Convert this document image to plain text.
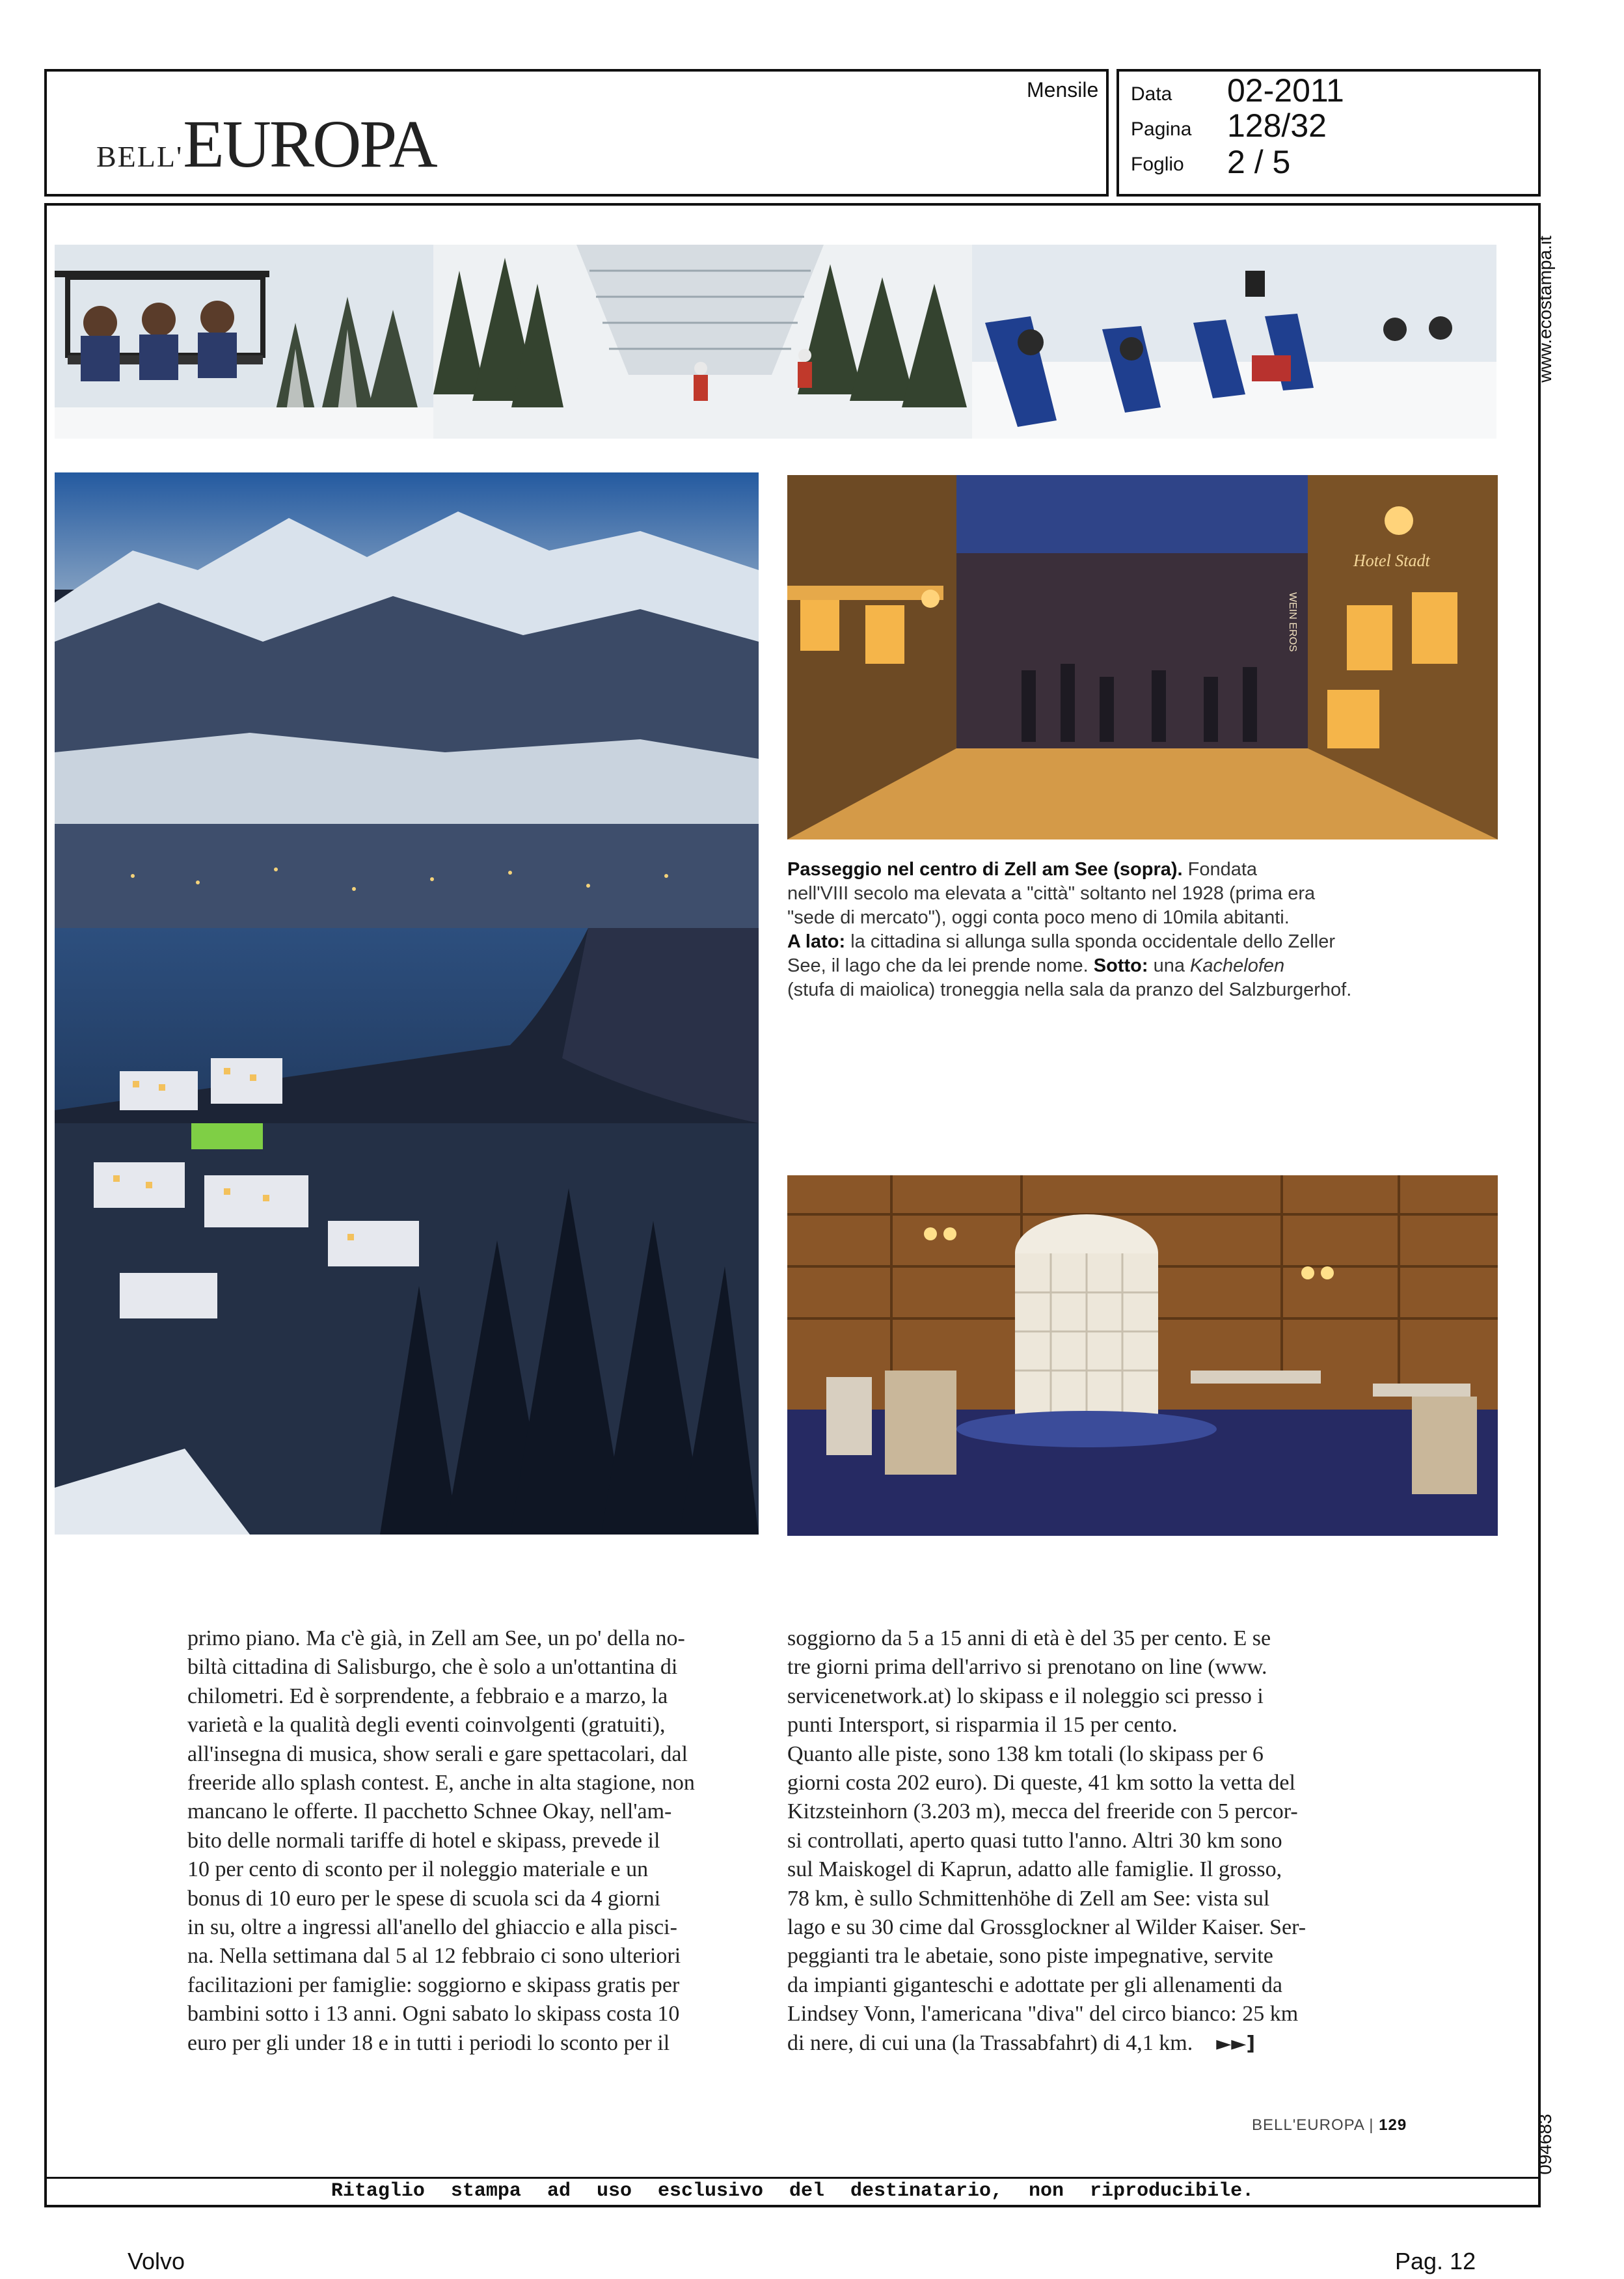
BELL'EUROPA
Mensile Data 02-2011
Pagina 128/32
Foglio 2 / 5
www.ecostampa.it
094683
Hotel Stadt
WEIN EROS
Passeggio nel centro di Zell am See (sopra). Fondata
nell'VIII secolo ma elevata a "città" soltanto nel 1928 (prima era
"sede di mercato"), oggi conta poco meno di 10mila abitanti.
A lato: la cittadina si allunga sulla sponda occidentale dello Zeller
See, il lago che da lei prende nome. Sotto: una Kachelofen
(stufa di maiolica) troneggia nella sala da pranzo del Salzburgerhof.
primo piano. Ma c'è già, in Zell am See, un po' della no-
biltà cittadina di Salisburgo, che è solo a un'ottantina di
chilometri. Ed è sorprendente, a febbraio e a marzo, la
varietà e la qualità degli eventi coinvolgenti (gratuiti),
all'insegna di musica, show serali e gare spettacolari, dal
freeride allo splash contest. E, anche in alta stagione, non
mancano le offerte. Il pacchetto Schnee Okay, nell'am-
bito delle normali tariffe di hotel e skipass, prevede il
10 per cento di sconto per il noleggio materiale e un
bonus di 10 euro per le spese di scuola sci da 4 giorni
in su, oltre a ingressi all'anello del ghiaccio e alla pisci-
na. Nella settimana dal 5 al 12 febbraio ci sono ulteriori
facilitazioni per famiglie: soggiorno e skipass gratis per
bambini sotto i 13 anni. Ogni sabato lo skipass costa 10
euro per gli under 18 e in tutti i periodi lo sconto per il
soggiorno da 5 a 15 anni di età è del 35 per cento. E se
tre giorni prima dell'arrivo si prenotano on line (www.
servicenetwork.at) lo skipass e il noleggio sci presso i
punti Intersport, si risparmia il 15 per cento.
Quanto alle piste, sono 138 km totali (lo skipass per 6
giorni costa 202 euro). Di queste, 41 km sotto la vetta del
Kitzsteinhorn (3.203 m), mecca del freeride con 5 percor-
si controllati, aperto quasi tutto l'anno. Altri 30 km sono
sul Maiskogel di Kaprun, adatto alle famiglie. Il grosso,
78 km, è sullo Schmittenhöhe di Zell am See: vista sul
lago e su 30 cime dal Grossglockner al Wilder Kaiser. Ser-
peggianti tra le abetaie, sono piste impegnative, servite
da impianti giganteschi e adottate per gli allenamenti da
Lindsey Vonn, l'americana "diva" del circo bianco: 25 km
di nere, di cui una (la Trassabfahrt) di 4,1 km. ►►]
BELL'EUROPA | 129
Ritaglio stampa ad uso esclusivo del destinatario, non riproducibile.
Volvo	Pag. 12
